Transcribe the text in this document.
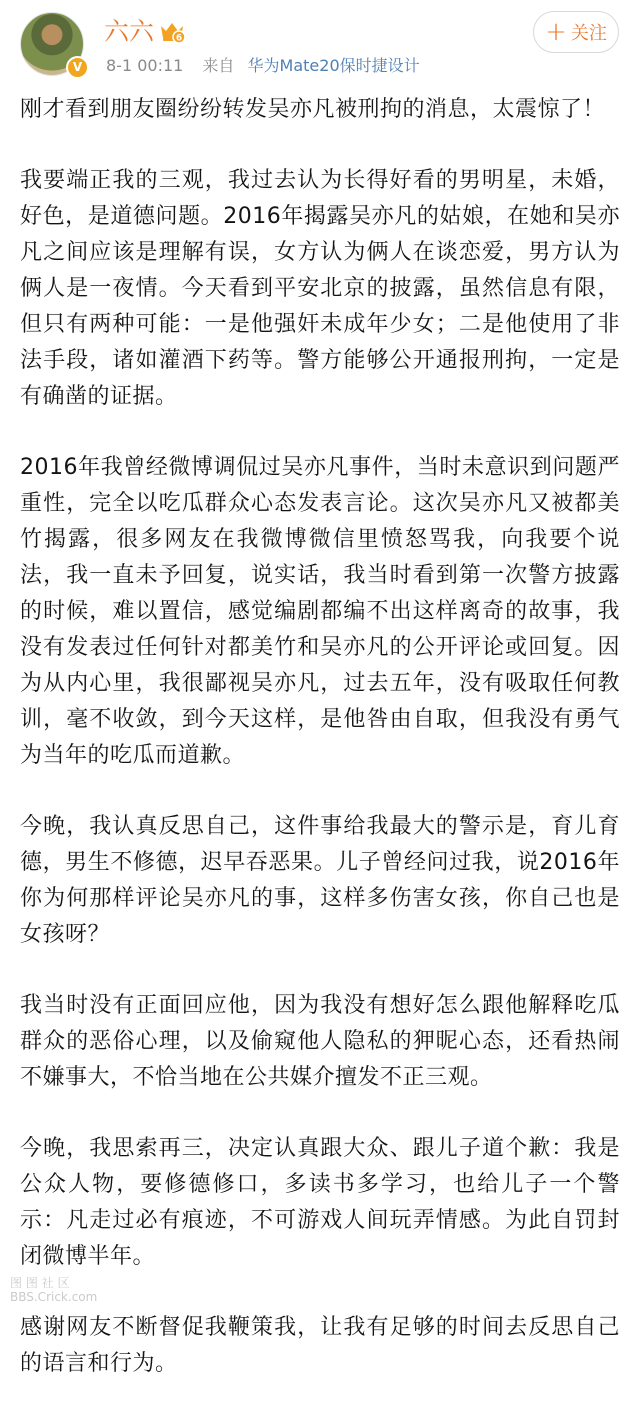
V
六六 6
8-1 00:11 来自 华为Mate20保时捷设计
+ 关注

刚才看到朋友圈纷纷转发吴亦凡被刑拘的消息，太震惊了！

我要端正我的三观，我过去认为长得好看的男明星，未婚，好色，是道德问题。2016年揭露吴亦凡的姑娘，在她和吴亦凡之间应该是理解有误，女方认为俩人在谈恋爱，男方认为俩人是一夜情。今天看到平安北京的披露，虽然信息有限，但只有两种可能：一是他强奸未成年少女；二是他使用了非法手段，诸如灌酒下药等。警方能够公开通报刑拘，一定是有确凿的证据。

2016年我曾经微博调侃过吴亦凡事件，当时未意识到问题严重性，完全以吃瓜群众心态发表言论。这次吴亦凡又被都美竹揭露，很多网友在我微博微信里愤怒骂我，向我要个说法，我一直未予回复，说实话，我当时看到第一次警方披露的时候，难以置信，感觉编剧都编不出这样离奇的故事，我没有发表过任何针对都美竹和吴亦凡的公开评论或回复。因为从内心里，我很鄙视吴亦凡，过去五年，没有吸取任何教训，毫不收敛，到今天这样，是他咎由自取，但我没有勇气为当年的吃瓜而道歉。

今晚，我认真反思自己，这件事给我最大的警示是，育儿育德，男生不修德，迟早吞恶果。儿子曾经问过我，说2016年你为何那样评论吴亦凡的事，这样多伤害女孩，你自己也是女孩呀？

我当时没有正面回应他，因为我没有想好怎么跟他解释吃瓜群众的恶俗心理，以及偷窥他人隐私的狎昵心态，还看热闹不嫌事大，不恰当地在公共媒介擅发不正三观。

今晚，我思索再三，决定认真跟大众、跟儿子道个歉：我是公众人物，要修德修口，多读书多学习，也给儿子一个警示：凡走过必有痕迹，不可游戏人间玩弄情感。为此自罚封闭微博半年。

感谢网友不断督促我鞭策我，让我有足够的时间去反思自己的语言和行为。

图 图 社 区
BBS.Crick.com
